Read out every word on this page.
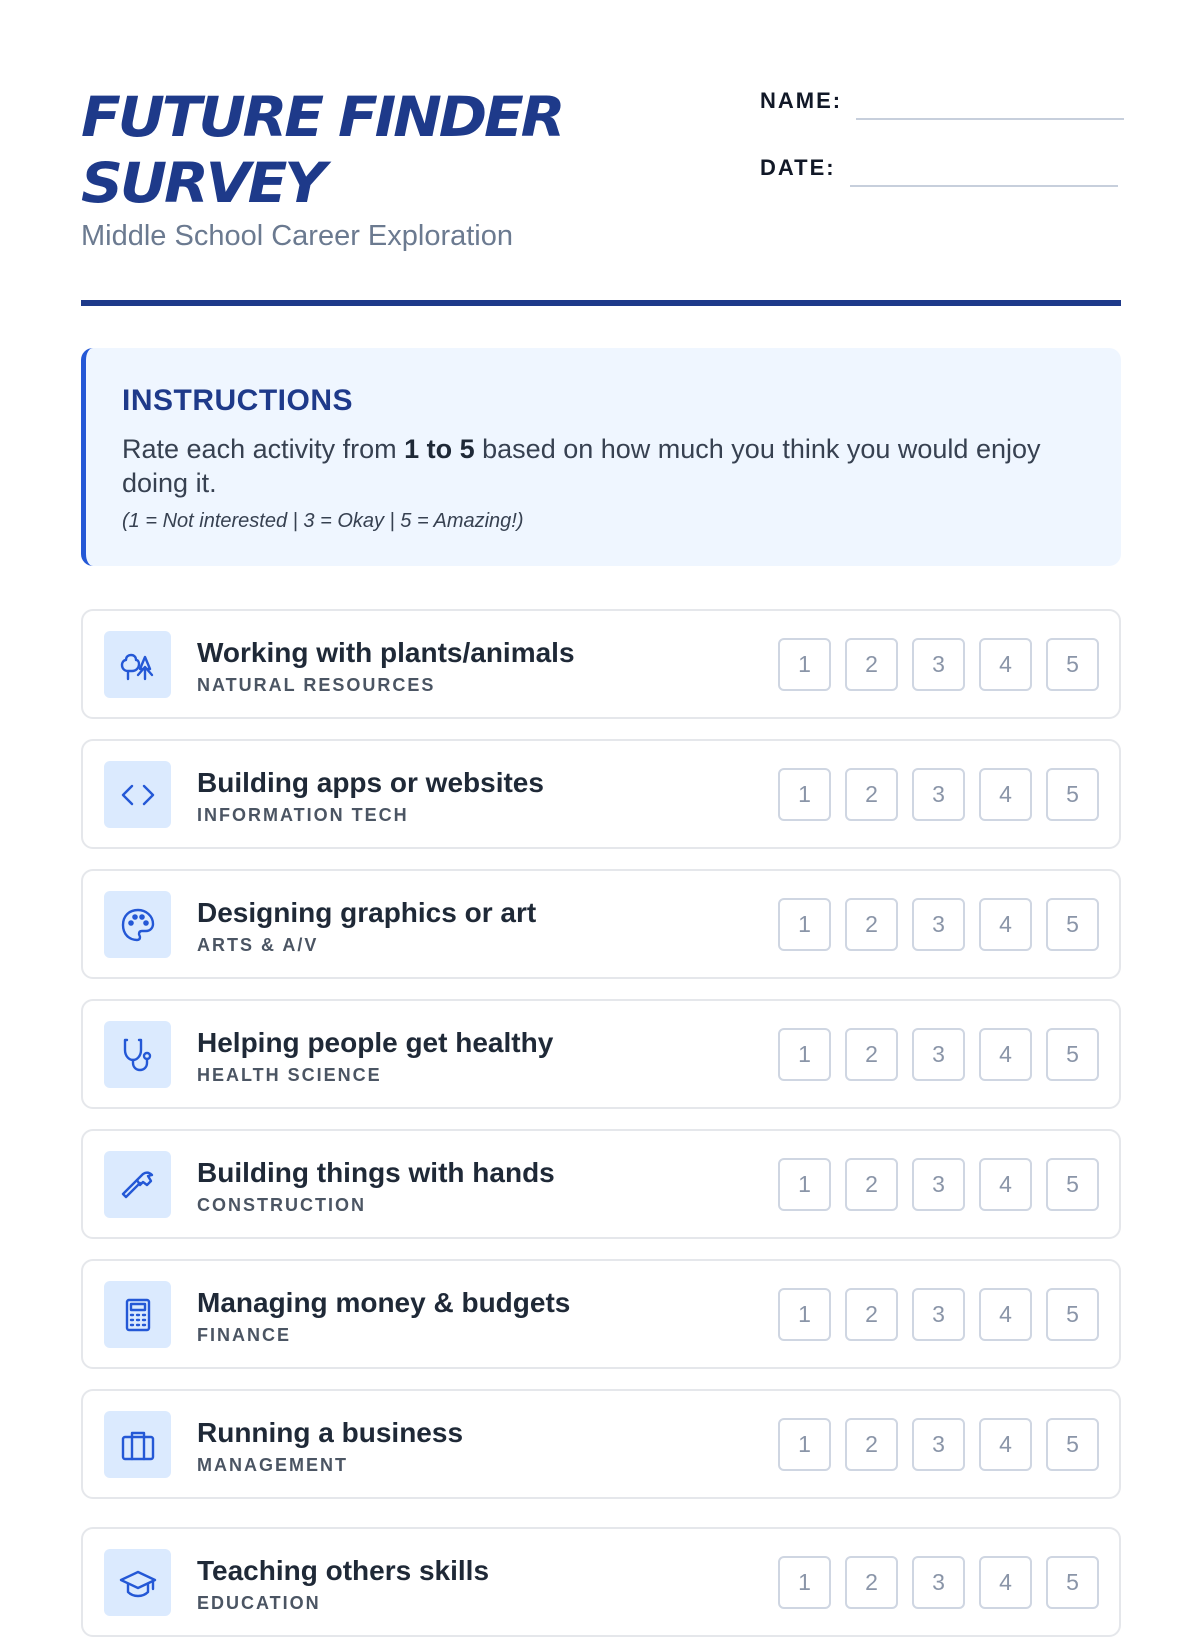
FUTURE FINDER
SURVEY
Middle School Career Exploration
NAME:
DATE:
INSTRUCTIONS
Rate each activity from 1 to 5 based on how much you think you would enjoy doing it.
(1 = Not interested | 3 = Okay | 5 = Amazing!)
Working with plants/animals
NATURAL RESOURCES
1	2	3	4	5
Building apps or websites
INFORMATION TECH
1	2	3	4	5
Designing graphics or art
ARTS & A/V
1	2	3	4	5
Helping people get healthy
HEALTH SCIENCE
1	2	3	4	5
Building things with hands
CONSTRUCTION
1	2	3	4	5
Managing money & budgets
FINANCE
1	2	3	4	5
Running a business
MANAGEMENT
1	2	3	4	5
Teaching others skills
EDUCATION
1	2	3	4	5
